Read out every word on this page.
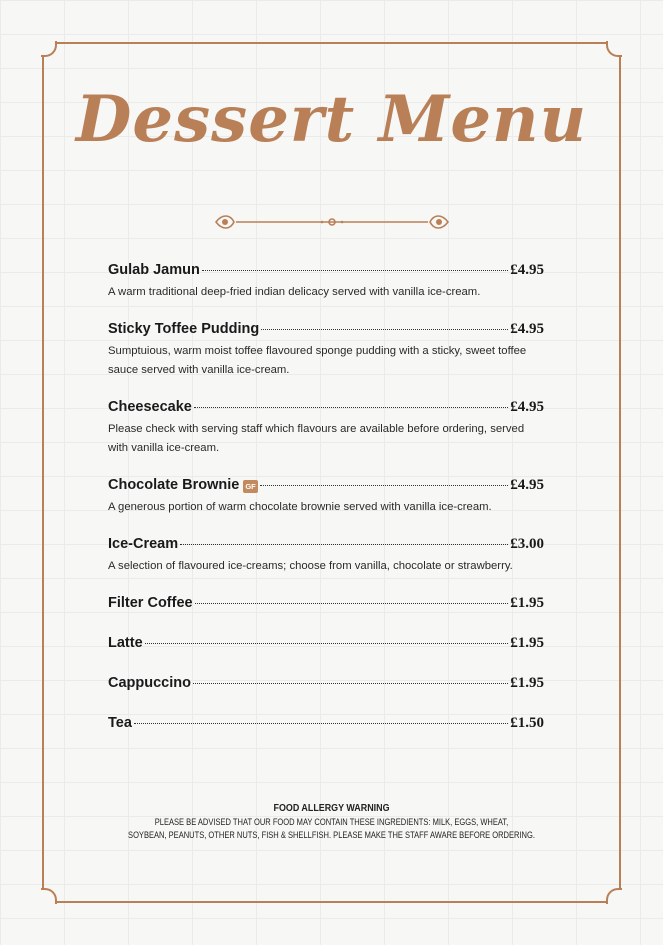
Dessert Menu
Gulab Jamun	£4.95
A warm traditional deep-fried indian delicacy served with vanilla ice-cream.
Sticky Toffee Pudding	£4.95
Sumptuious, warm moist toffee flavoured sponge pudding with a sticky, sweet toffee sauce served with vanilla ice-cream.
Cheesecake	£4.95
Please check with serving staff which flavours are available before ordering, served with vanilla ice-cream.
Chocolate Brownie GF	£4.95
A generous portion of warm chocolate brownie served with vanilla ice-cream.
Ice-Cream	£3.00
A selection of flavoured ice-creams; choose from vanilla, chocolate or strawberry.
Filter Coffee	£1.95
Latte	£1.95
Cappuccino	£1.95
Tea	£1.50
FOOD ALLERGY WARNING
PLEASE BE ADVISED THAT OUR FOOD MAY CONTAIN THESE INGREDIENTS: MILK, EGGS, WHEAT,
SOYBEAN, PEANUTS, OTHER NUTS, FISH & SHELLFISH. PLEASE MAKE THE STAFF AWARE BEFORE ORDERING.
